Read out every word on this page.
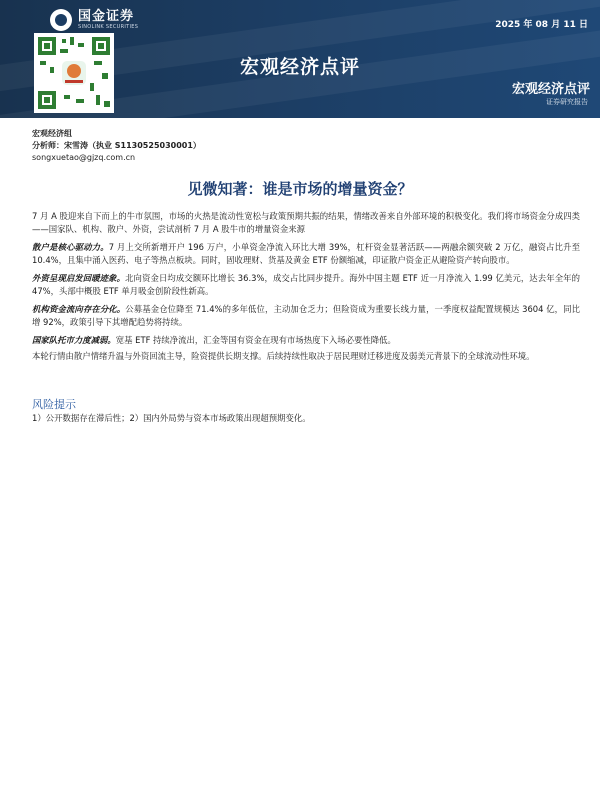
国金证券
SINOLINK SECURITIES	2025 年 08 月 11 日
宏观经济点评
宏观经济点评
证券研究报告
宏观经济组
分析师：宋雪涛（执业 S1130525030001）
songxuetao@gjzq.com.cn
见微知著：谁是市场的增量资金？

7 月 A 股迎来自下而上的牛市氛围，市场的火热是流动性宽松与政策预期共振的结果，情绪改善来自外部环境的积极变化。我们将市场资金分成四类——国家队、机构、散户、外资，尝试剖析 7 月 A 股牛市的增量资金来源

散户是核心驱动力。7 月上交所新增开户 196 万户，小单资金净流入环比大增 39%，杠杆资金显著活跃——两融余额突破 2 万亿，融资占比升至 10.4%，且集中涌入医药、电子等热点板块。同时，固收理财、货基及黄金 ETF 份额缩减，印证散户资金正从避险资产转向股市。

外资呈现启发回暖迹象。北向资金日均成交额环比增长 36.3%，成交占比同步提升。海外中国主题 ETF 近一月净流入 1.99 亿美元，达去年全年的 47%，头部中概股 ETF 单月吸金创阶段性新高。

机构资金流向存在分化。公募基金仓位降至 71.4%的多年低位，主动加仓乏力；但险资成为重要长线力量，一季度权益配置规模达 3604 亿，同比增 92%，政策引导下其增配趋势将持续。

国家队托市力度减弱。宽基 ETF 持续净流出，汇金等国有资金在现有市场热度下入场必要性降低。

本轮行情由散户情绪升温与外资回流主导，险资提供长期支撑。后续持续性取决于居民理财迁移进度及弱美元背景下的全球流动性环境。

风险提示
1）公开数据存在滞后性；2）国内外局势与资本市场政策出现超预期变化。
